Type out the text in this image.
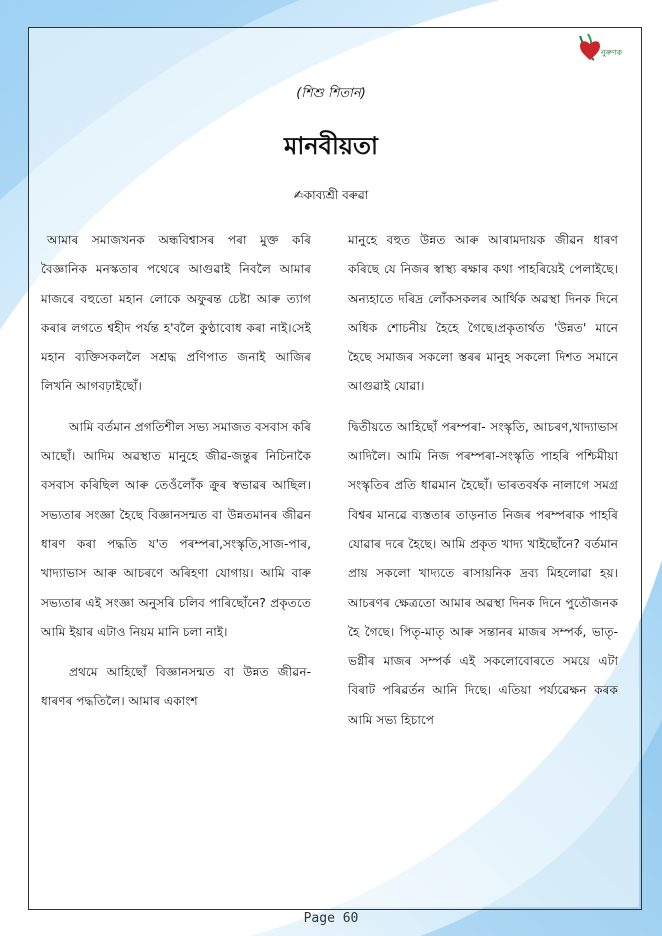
নুৰুণক
(শিশু শিতান)
মানবীয়তা
✍কাব্যশ্ৰী বৰুৱা

আমাৰ সমাজখনক অন্ধবিশ্বাসৰ পৰা মুক্ত কৰি বৈজ্ঞানিক মনস্কতাৰ পথেৰে আগুৱাই নিবলৈ আমাৰ মাজৰে বহুতো মহান লোকে অফুৰন্ত চেষ্টা আৰু ত্যাগ কৰাৰ লগতে শ্বহীদ পৰ্যন্ত হ'বলৈ কুণ্ঠাবোধ কৰা নাই।সেই মহান ব্যক্তিসকললৈ সশ্ৰদ্ধ প্ৰণিপাত জনাই আজিৰ লিখনি আগবঢ়াইছোঁ।

আমি বৰ্তমান প্ৰগতিশীল সভ্য সমাজত বসবাস কৰি আছোঁ। আদিম অৱস্থাত মানুহে জীৱ-জন্তুৰ নিচিনাকৈ বসবাস কৰিছিল আৰু তেওঁলোঁক ক্ৰুৰ স্বভাৱৰ আছিল। সভ্যতাৰ সংজ্ঞা হৈছে বিজ্ঞানসন্মত বা উন্নতমানৰ জীৱন ধাৰণ কৰা পদ্ধতি য'ত পৰম্পৰা,সংস্কৃতি,সাজ-পাৰ, খাদ্যাভাস আৰু আচৰণে অৰিহণা যোগায়। আমি বাৰু সভ্যতাৰ এই সংজ্ঞা অনুসৰি চলিব পাৰিছোঁনে? প্ৰকৃততে আমি ইয়াৰ এটাও নিয়ম মানি চলা নাই।

প্ৰথমে আহিছোঁ বিজ্ঞানসন্মত বা উন্নত জীৱন-ধাৰণৰ পদ্ধতিলৈ। আমাৰ একাংশ

মানুহে বহুত উন্নত আৰু আৰামদায়ক জীৱন ধাৰণ কৰিছে যে নিজৰ স্বাস্থ্য ৰক্ষাৰ কথা পাহৰিয়েই পেলাইছে। অন্যহাতে দৰিদ্ৰ লোঁকসকলৰ আৰ্থিক অৱস্থা দিনক দিনে অধিক শোচনীয় হৈহে গৈছে।প্ৰকৃতাৰ্থত 'উন্নত' মানে হৈছে সমাজৰ সকলো স্তৰৰ মানুহ সকলো দিশত সমানে আগুৱাই যোৱা।

দ্বিতীয়তে আহিছোঁ পৰম্পৰা- সংস্কৃতি, আচৰণ,খাদ্যাভাস আদিলৈ। আমি নিজ পৰম্পৰা-সংস্কৃতি পাহৰি পশ্চিমীয়া সংস্কৃতিৰ প্ৰতি ধাৱমান হৈছোঁ। ভাৰতবৰ্ষক নালাগে সমগ্ৰ বিশ্বৰ মানৱে ব্যস্ততাৰ তাড়নাত নিজৰ পৰম্পৰাক পাহৰি যোৱাৰ দৰে হৈছে। আমি প্ৰকৃত খাদ্য খাইছোঁনে? বৰ্তমান প্ৰায় সকলো খাদ্যতে ৰাসায়নিক দ্ৰব্য মিহলোৱা হয়। আচৰণৰ ক্ষেত্ৰতো আমাৰ অৱস্থা দিনক দিনে পুতৌজনক হৈ গৈছে। পিতৃ-মাতৃ আৰু সন্তানৰ মাজৰ সম্পৰ্ক, ভাতৃ-ভগ্নীৰ মাজৰ সম্পৰ্ক এই সকলোবোৰতে সময়ে এটা বিৰাট পৰিৱৰ্তন আনি দিছে। এতিয়া পৰ্য্যৱেক্ষন কৰক আমি সভ্য হিচাপে

Page 60
